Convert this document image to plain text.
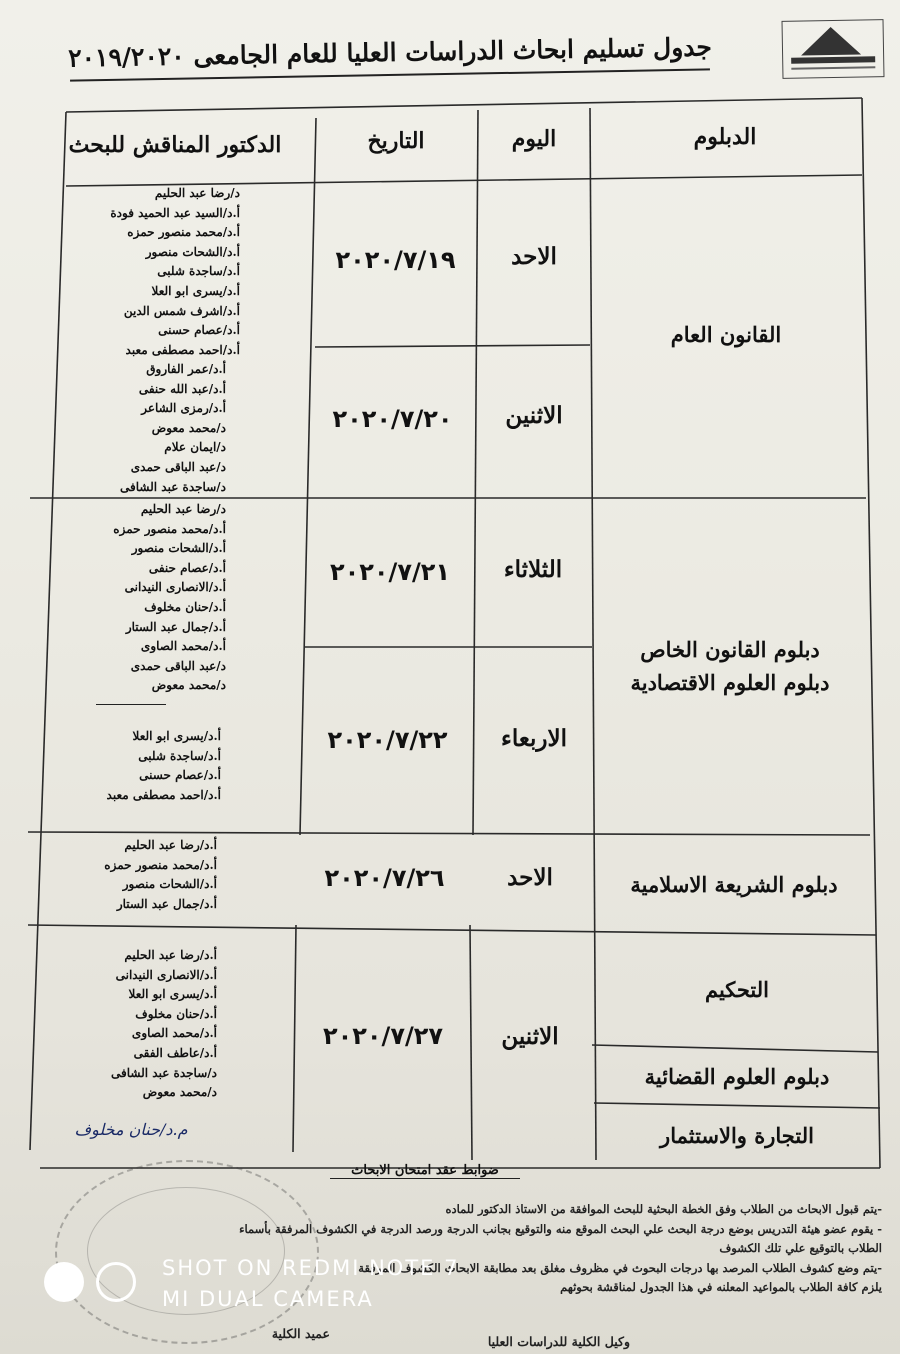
جدول تسليم ابحاث الدراسات العليا للعام الجامعى ٢٠١٩/٢٠٢٠
الدبلوم
اليوم
التاريخ
الدكتور المناقش للبحث
القانون العام
الاحد
٢٠٢٠/٧/١٩
د/رضا عبد الحليم
أ.د/السيد عبد الحميد فودة
أ.د/محمد منصور حمزه
أ.د/الشحات منصور
أ.د/ساجدة شلبى
أ.د/يسرى ابو العلا
أ.د/اشرف شمس الدين
أ.د/عصام حسنى
أ.د/احمد مصطفى معبد
الاثنين
٢٠٢٠/٧/٢٠
أ.د/عمر الفاروق
أ.د/عبد الله حنفى
أ.د/رمزى الشاعر
د/محمد معوض
د/ايمان علام
د/عبد الباقى حمدى
د/ساجدة عبد الشافى
دبلوم القانون الخاص
دبلوم العلوم الاقتصادية
الثلاثاء
٢٠٢٠/٧/٢١
د/رضا عبد الحليم
أ.د/محمد منصور حمزه
أ.د/الشحات منصور
أ.د/عصام حنفى
أ.د/الانصارى النيدانى
أ.د/حنان مخلوف
أ.د/جمال عبد الستار
أ.د/محمد الصاوى
د/عبد الباقى حمدى
د/محمد معوض
الاربعاء
٢٠٢٠/٧/٢٢
أ.د/يسرى ابو العلا
أ.د/ساجدة شلبى
أ.د/عصام حسنى
أ.د/احمد مصطفى معبد
دبلوم الشريعة الاسلامية
الاحد
٢٠٢٠/٧/٢٦
أ.د/رضا عبد الحليم
أ.د/محمد منصور حمزه
أ.د/الشحات منصور
أ.د/جمال عبد الستار
التحكيم
دبلوم العلوم القضائية
التجارة والاستثمار
الاثنين
٢٠٢٠/٧/٢٧
أ.د/رضا عبد الحليم
أ.د/الانصارى النيدانى
أ.د/يسرى ابو العلا
أ.د/حنان مخلوف
أ.د/محمد الصاوى
أ.د/عاطف الفقى
د/ساجدة عبد الشافى
د/محمد معوض
م.د/حنان مخلوف
ضوابط عقد امتحان الابحاث
-يتم قبول الابحاث من الطلاب وفق الخطة البحثية للبحث الموافقة من الاستاذ الدكتور للماده
- يقوم عضو هيئة التدريس بوضع درجة البحث علي البحث الموقع منه والتوقيع بجانب الدرجة ورصد الدرجة في الكشوف المرفقة بأسماء
الطلاب بالتوقيع علي تلك الكشوف
-يتم وضع كشوف الطلاب المرصد بها درجات البحوث في مظروف مغلق بعد مطابقة الابحاث الكشوف المرفقة
يلزم كافة الطلاب بالمواعيد المعلنه في هذا الجدول لمناقشة بحوثهم
وكيل الكلية للدراسات العليا
عميد الكلية
SHOT ON REDMI NOTE 7
MI DUAL CAMERA
